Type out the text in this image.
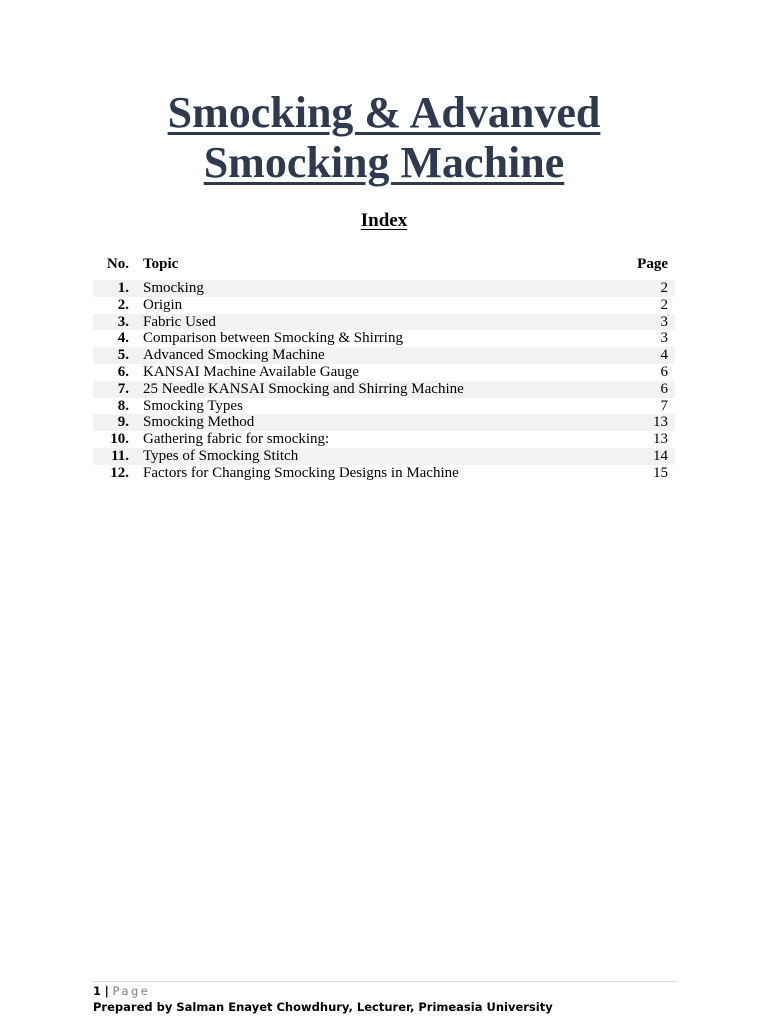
Smocking & Advanved
Smocking Machine
Index
No. Topic	Page
1. Smocking	2
2. Origin	2
3. Fabric Used	3
4. Comparison between Smocking & Shirring	3
5. Advanced Smocking Machine	4
6. KANSAI Machine Available Gauge	6
7. 25 Needle KANSAI Smocking and Shirring Machine	6
8. Smocking Types	7
9. Smocking Method	13
10. Gathering fabric for smocking:	13
11. Types of Smocking Stitch	14
12. Factors for Changing Smocking Designs in Machine	15
1 | Page
Prepared by Salman Enayet Chowdhury, Lecturer, Primeasia University
